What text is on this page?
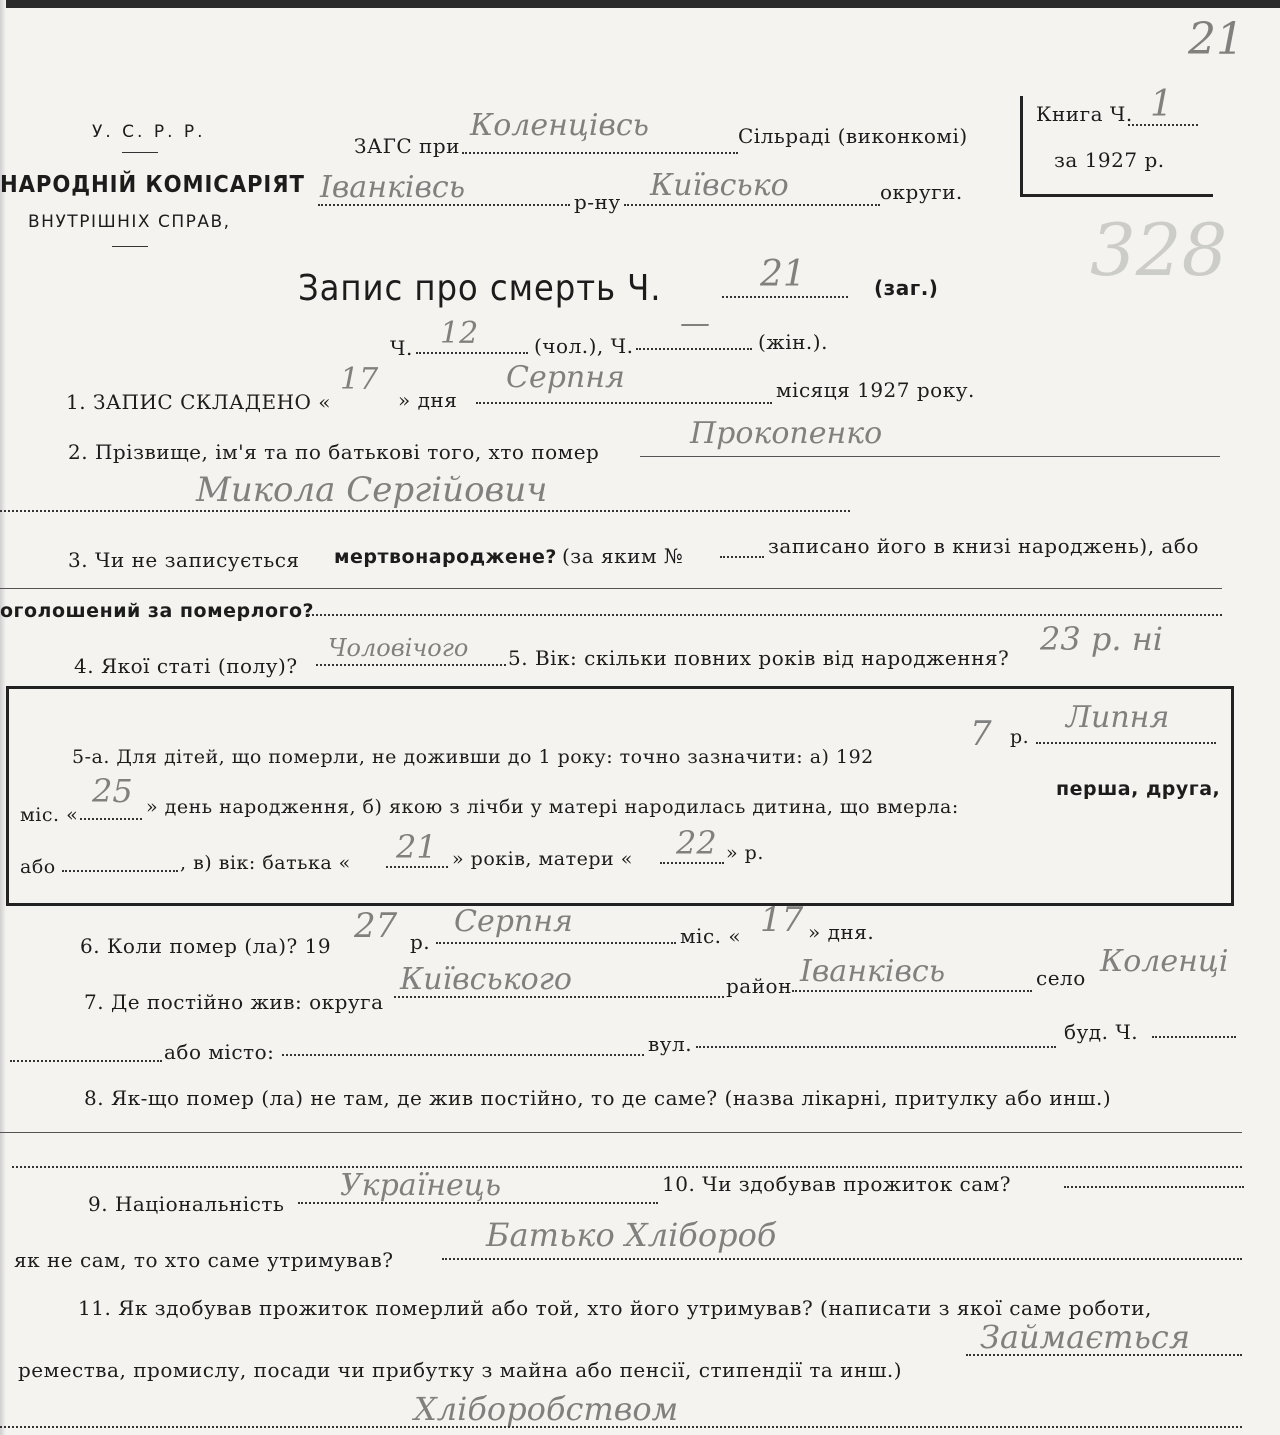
У. С. Р. Р.
НАРОДНІЙ КОМІСАРІЯТ
ВНУТРІШНІХ СПРАВ,
ЗАГС при
Коленцівсь	Сільраді (виконкомі)
Іванківсь	р-ну Київсько	округи.
Книга Ч. 1
за 1927 р.
21
328
Запис про смерть Ч.	21	(заг.)
Ч. 12	(чол.), Ч.
—
(жін.).
1. ЗАПИС СКЛАДЕНО «
17
» дня
Серпня	місяця 1927 року.
2. Прізвище, ім'я та по батькові того, хто помер
Прокопенко
Микола Сергійович
3. Чи не записується мертвонароджене? (за яким №	записано його в книзі народжень), або
оголошений за померлого?
4. Якої статі (полу)?
Чоловічого 5. Вік: скільки повних років від народження? 23 р. ні
5-а. Для дітей, що померли, не доживши до 1 року: точно зазначити: а) 192
7 р.
Липня
міс. «
25 » день народження, б) якою з лічби у матері народилась дитина, що вмерла:
перша, друга,
або	, в) вік: батька « 21 » років, матери « 22 » р.
6. Коли помер (ла)? 19 27 р.
Серпня	міс. « 17 » дня.
7. Де постійно жив: округа
Київського	район Іванківсь	село Коленці
або місто:	вул.	буд. Ч.
8. Як-що помер (ла) не там, де жив постійно, то де саме? (назва лікарні, притулку або инш.)
9. Національність
Українець	10. Чи здобував прожиток сам?
як не сам, то хто саме утримував?
Батько Хлібороб
11. Як здобував прожиток померлий або той, хто його утримував? (написати з якої саме роботи,
ремества, промислу, посади чи прибутку з майна або пенсії, стипендії та инш.)
Займається
Хліборобством
